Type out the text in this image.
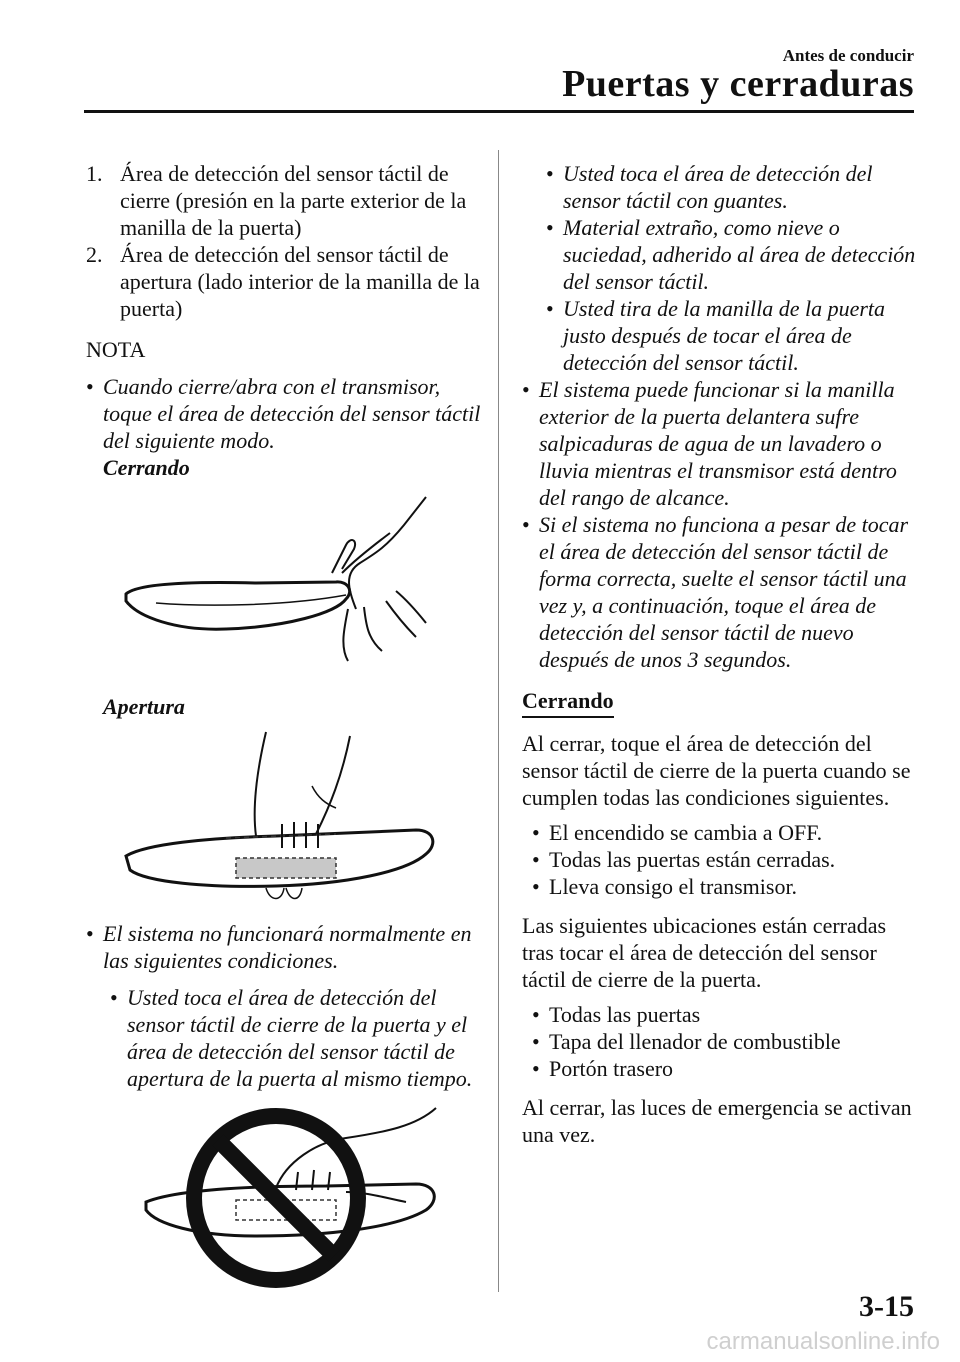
Antes de conducir
Puertas y cerraduras
1. Área de detección del sensor táctil de cierre (presión en la parte exterior de la manilla de la puerta)
2. Área de detección del sensor táctil de apertura (lado interior de la manilla de la puerta)
NOTA
• Cuando cierre/abra con el transmisor, toque el área de detección del sensor táctil del siguiente modo.
Cerrando
Apertura
• El sistema no funcionará normalmente en las siguientes condiciones.
• Usted toca el área de detección del sensor táctil de cierre de la puerta y el área de detección del sensor táctil de apertura de la puerta al mismo tiempo.
• Usted toca el área de detección del sensor táctil con guantes.
• Material extraño, como nieve o suciedad, adherido al área de detección del sensor táctil.
• Usted tira de la manilla de la puerta justo después de tocar el área de detección del sensor táctil.
• El sistema puede funcionar si la manilla exterior de la puerta delantera sufre salpicaduras de agua de un lavadero o lluvia mientras el transmisor está dentro del rango de alcance.
• Si el sistema no funciona a pesar de tocar el área de detección del sensor táctil de forma correcta, suelte el sensor táctil una vez y, a continuación, toque el área de detección del sensor táctil de nuevo después de unos 3 segundos.
Cerrando

Al cerrar, toque el área de detección del sensor táctil de cierre de la puerta cuando se cumplen todas las condiciones siguientes.

• El encendido se cambia a OFF.
• Todas las puertas están cerradas.
• Lleva consigo el transmisor.

Las siguientes ubicaciones están cerradas tras tocar el área de detección del sensor táctil de cierre de la puerta.

• Todas las puertas
• Tapa del llenador de combustible
• Portón trasero

Al cerrar, las luces de emergencia se activan una vez.

3-15
carmanualsonline.info
